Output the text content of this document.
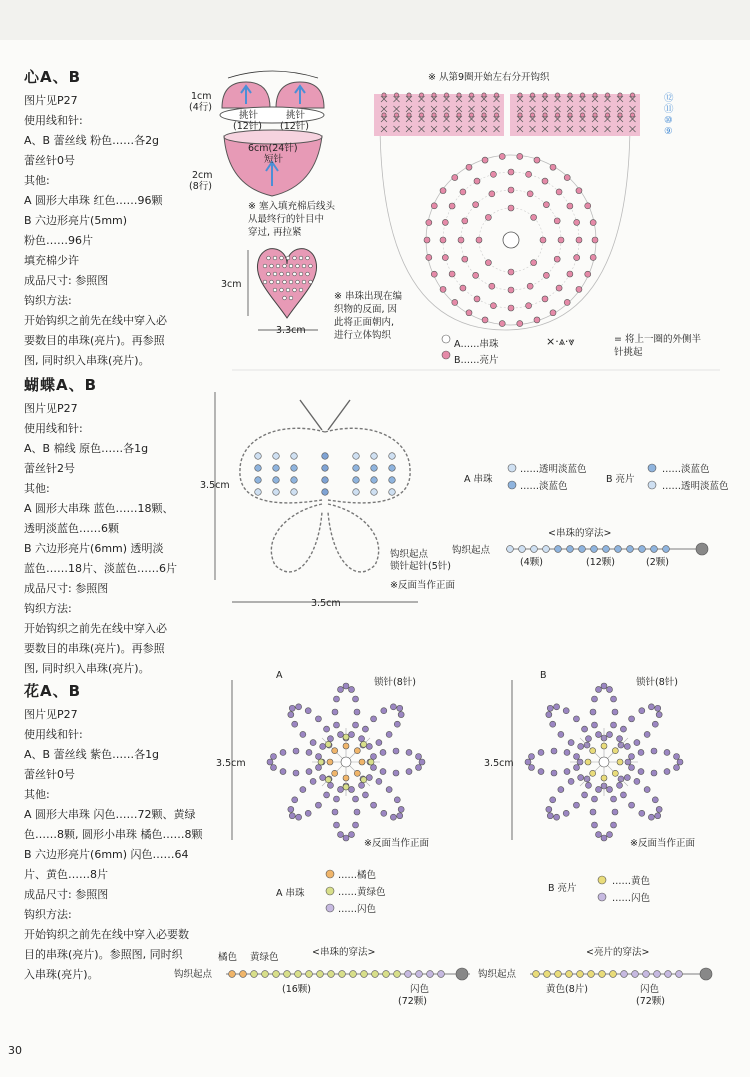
心A、B

图片见P27
使用线和针:
A、B 蕾丝线 粉色……各2g
蕾丝针0号
其他:
A 圆形大串珠 红色……96颗
B 六边形亮片(5mm)
粉色……96片
填充棉少许
成品尺寸: 参照图
钩织方法:
开始钩织之前先在线中穿入必
要数目的串珠(亮片)。再参照
图, 同时织入串珠(亮片)。

蝴蝶A、B

图片见P27
使用线和针:
A、B 棉线 原色……各1g
蕾丝针2号
其他:
A 圆形大串珠 蓝色……18颗、
透明淡蓝色……6颗
B 六边形亮片(6mm) 透明淡
蓝色……18片、淡蓝色……6片
成品尺寸: 参照图
钩织方法:
开始钩织之前先在线中穿入必
要数目的串珠(亮片)。再参照
图, 同时织入串珠(亮片)。

花A、B

图片见P27
使用线和针:
A、B 蕾丝线 紫色……各1g
蕾丝针0号
其他:
A 圆形大串珠 闪色……72颗、黄绿
色……8颗, 圆形小串珠 橘色……8颗
B 六边形亮片(6mm) 闪色……64
片、黄色……8片
成品尺寸: 参照图
钩织方法:
开始钩织之前先在线中穿入必要数
目的串珠(亮片)。参照图, 同时织
入串珠(亮片)。

1cm
(4行)
挑针
(12针)
挑针
(12针)
6cm(24针)
短针
2cm
(8行)
※ 塞入填充棉后线头
从最终行的针目中
穿过, 再拉紧
3cm
3.3cm
※ 串珠出现在编
织物的反面, 因
此将正面朝内,
进行立体钩织
※ 从第9圈开始左右分开钩织
⑫
⑪
⑩
⑨
A……串珠
B……亮片
= 将上一圈的外侧半
针挑起
⨯·⩓·⩔
3.5cm
3.5cm
钩织起点
锁针起针(5针)
※反面当作正面
A 串珠
……透明淡蓝色
……淡蓝色
B 亮片
……淡蓝色
……透明淡蓝色
<串珠的穿法>
钩织起点
(4颗)	(12颗)	(2颗)
A	B
锁针(8针)	锁针(8针)
3.5cm	3.5cm
※反面当作正面	※反面当作正面
A 串珠
……橘色
……黄绿色
……闪色
B 亮片
……黄色
……闪色
<串珠的穿法>	<亮片的穿法>
橘色 黄绿色
钩织起点	钩织起点
(16颗)	闪色
(72颗)
黄色(8片)	闪色
(72颗)
30
